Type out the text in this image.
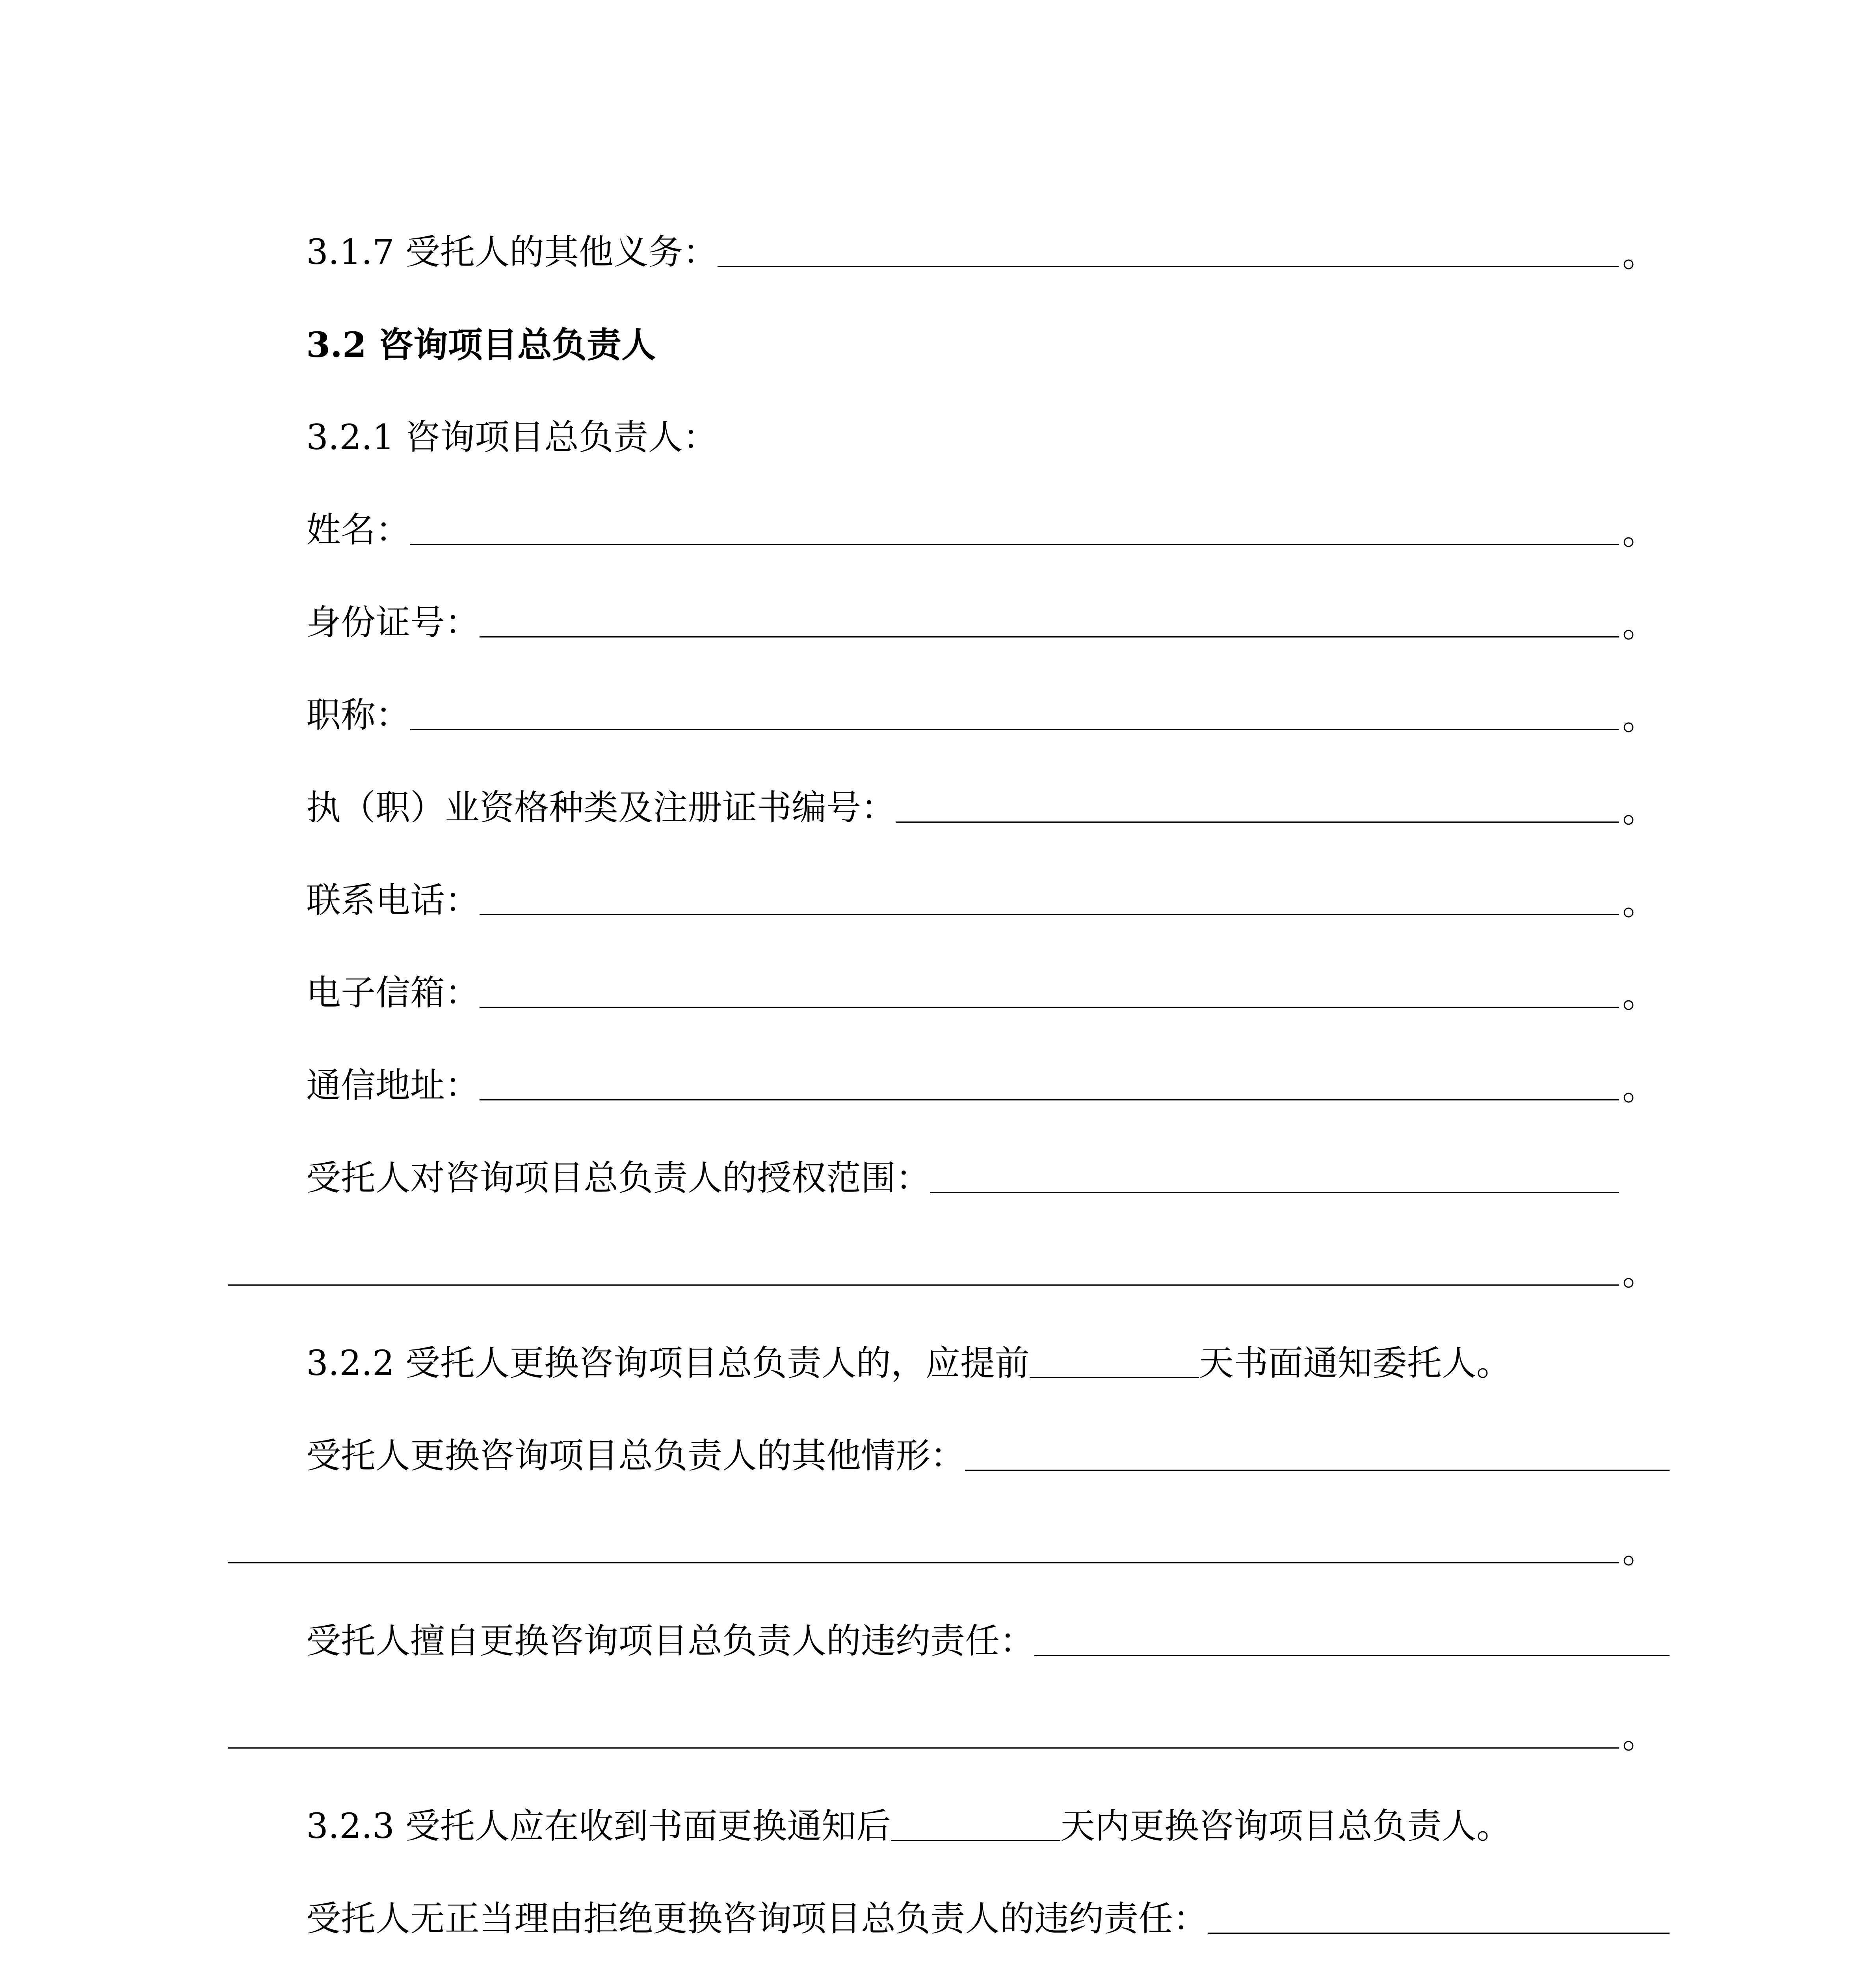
3.1.7 受托人的其他义务：	。
3.2 咨询项目总负责人
3.2.1 咨询项目总负责人：
姓名：	。
身份证号：	。
职称：	。
执（职）业资格种类及注册证书编号：	。
联系电话：	。
电子信箱：	。
通信地址：	。
受托人对咨询项目总负责人的授权范围：
。
3.2.2 受托人更换咨询项目总负责人的，应提前	天书面通知委托人。
受托人更换咨询项目总负责人的其他情形：
。
受托人擅自更换咨询项目总负责人的违约责任：
。
3.2.3 受托人应在收到书面更换通知后	天内更换咨询项目总负责人。
受托人无正当理由拒绝更换咨询项目总负责人的违约责任：
